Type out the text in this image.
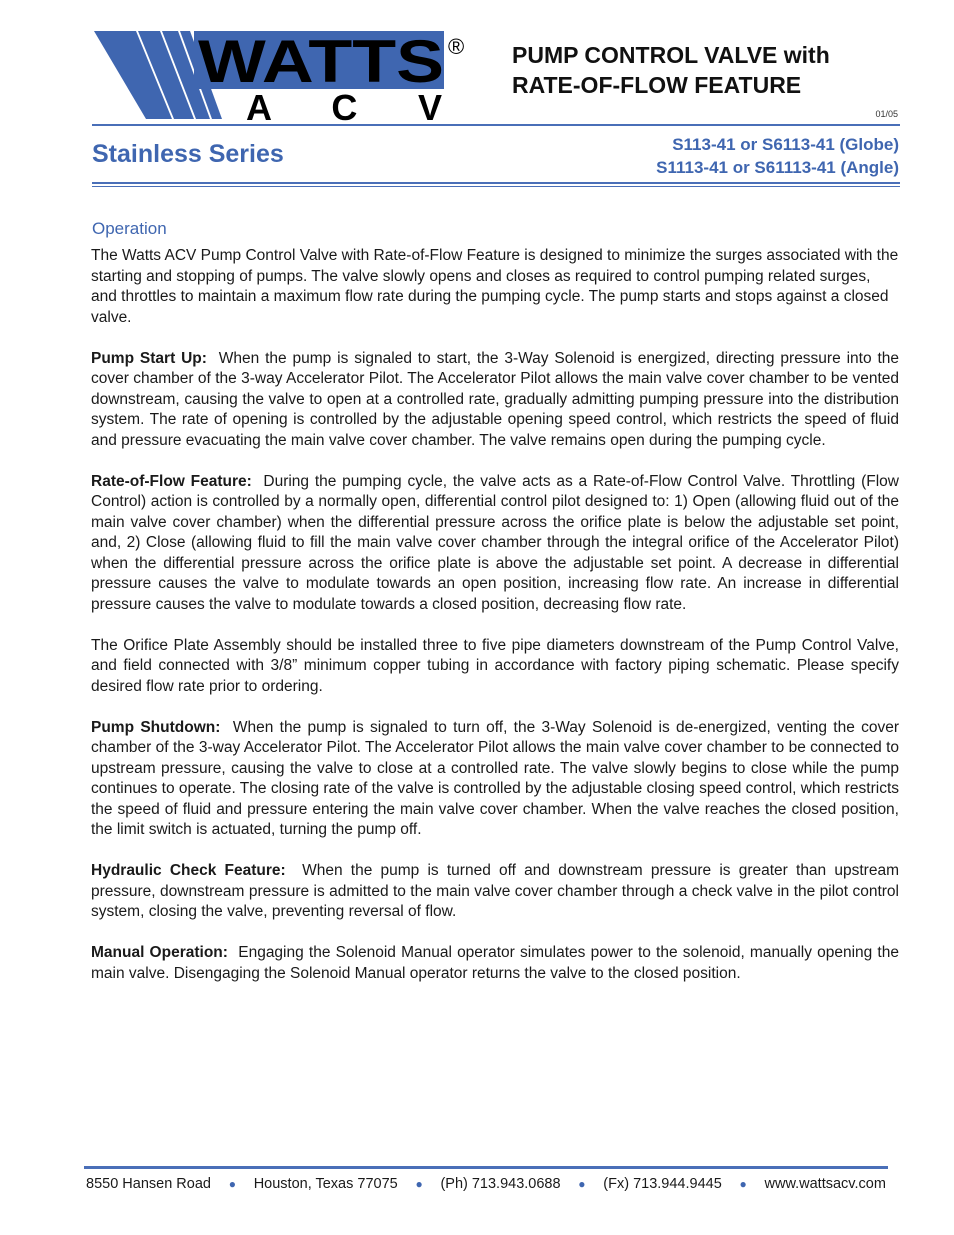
WATTS ®
A C V
PUMP CONTROL VALVE with
RATE-OF-FLOW FEATURE
01/05
Stainless Series	S113-41 or S6113-41 (Globe)
S1113-41 or S61113-41 (Angle)
Operation

The Watts ACV Pump Control Valve with Rate-of-Flow Feature is designed to minimize the surges associated with the starting and stopping of pumps. The valve slowly opens and closes as required to control pumping related surges, and throttles to maintain a maximum flow rate during the pumping cycle. The pump starts and stops against a closed valve.

Pump Start Up: When the pump is signaled to start, the 3-Way Solenoid is energized, directing pressure into the cover chamber of the 3-way Accelerator Pilot. The Accelerator Pilot allows the main valve cover chamber to be vented downstream, causing the valve to open at a controlled rate, gradually admitting pumping pressure into the distribution system. The rate of opening is controlled by the adjustable opening speed control, which restricts the speed of fluid and pressure evacuating the main valve cover chamber. The valve remains open during the pumping cycle.

Rate-of-Flow Feature: During the pumping cycle, the valve acts as a Rate-of-Flow Control Valve. Throttling (Flow Control) action is controlled by a normally open, differential control pilot designed to: 1) Open (allowing fluid out of the main valve cover chamber) when the differential pressure across the orifice plate is below the adjustable set point, and, 2) Close (allowing fluid to fill the main valve cover chamber through the integral orifice of the Accelerator Pilot) when the differential pressure across the orifice plate is above the adjustable set point. A decrease in differential pressure causes the valve to modulate towards an open position, increasing flow rate. An increase in differential pressure causes the valve to modulate towards a closed position, decreasing flow rate.

The Orifice Plate Assembly should be installed three to five pipe diameters downstream of the Pump Control Valve, and field connected with 3/8” minimum copper tubing in accordance with factory piping schematic. Please specify desired flow rate prior to ordering.

Pump Shutdown: When the pump is signaled to turn off, the 3-Way Solenoid is de-energized, venting the cover chamber of the 3-way Accelerator Pilot. The Accelerator Pilot allows the main valve cover chamber to be connected to upstream pressure, causing the valve to close at a controlled rate. The valve slowly begins to close while the pump continues to operate. The closing rate of the valve is controlled by the adjustable closing speed control, which restricts the speed of fluid and pressure entering the main valve cover chamber. When the valve reaches the closed position, the limit switch is actuated, turning the pump off.

Hydraulic Check Feature: When the pump is turned off and downstream pressure is greater than upstream pressure, downstream pressure is admitted to the main valve cover chamber through a check valve in the pilot control system, closing the valve, preventing reversal of flow.

Manual Operation: Engaging the Solenoid Manual operator simulates power to the solenoid, manually opening the main valve. Disengaging the Solenoid Manual operator returns the valve to the closed position.

8550 Hansen Road ● Houston, Texas 77075 ● (Ph) 713.943.0688 ● (Fx) 713.944.9445 ● www.wattsacv.com
